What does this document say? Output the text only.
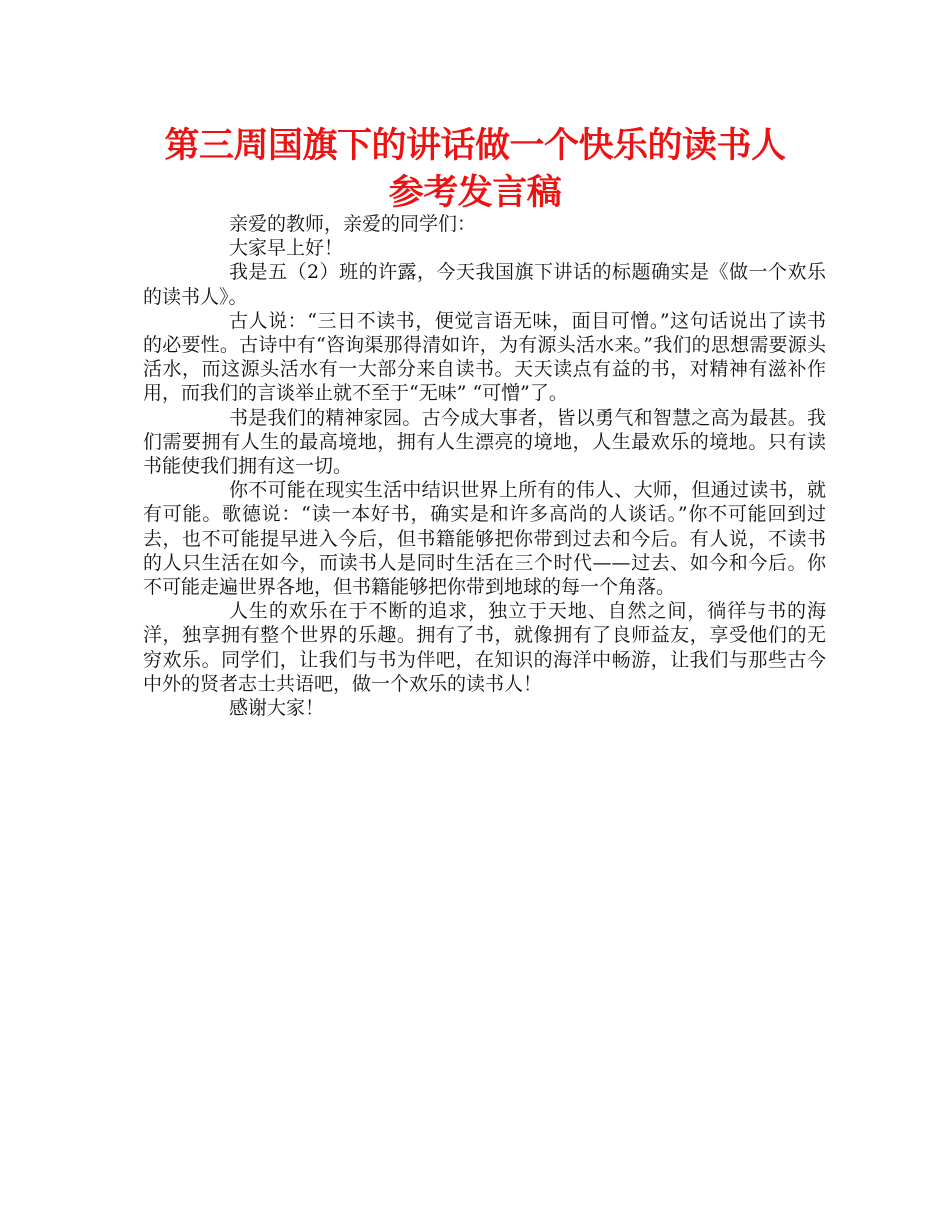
第三周国旗下的讲话做一个快乐的读书人
参考发言稿

亲爱的教师，亲爱的同学们：

大家早上好！

我是五（2）班的许露，今天我国旗下讲话的标题确实是《做一个欢乐的读书人》。

古人说：“三日不读书，便觉言语无味，面目可憎。”这句话说出了读书的必要性。古诗中有“咨询渠那得清如许，为有源头活水来。”我们的思想需要源头活水，而这源头活水有一大部分来自读书。天天读点有益的书，对精神有滋补作用，而我们的言谈举止就不至于“无味” “可憎”了。

书是我们的精神家园。古今成大事者，皆以勇气和智慧之高为最甚。我们需要拥有人生的最高境地，拥有人生漂亮的境地，人生最欢乐的境地。只有读书能使我们拥有这一切。

你不可能在现实生活中结识世界上所有的伟人、大师，但通过读书，就有可能。歌德说：“读一本好书，确实是和许多高尚的人谈话。”你不可能回到过去，也不可能提早进入今后，但书籍能够把你带到过去和今后。有人说，不读书的人只生活在如今，而读书人是同时生活在三个时代——过去、如今和今后。你不可能走遍世界各地，但书籍能够把你带到地球的每一个角落。

人生的欢乐在于不断的追求，独立于天地、自然之间，徜徉与书的海洋，独享拥有整个世界的乐趣。拥有了书，就像拥有了良师益友，享受他们的无穷欢乐。同学们，让我们与书为伴吧，在知识的海洋中畅游，让我们与那些古今中外的贤者志士共语吧，做一个欢乐的读书人！

感谢大家！
